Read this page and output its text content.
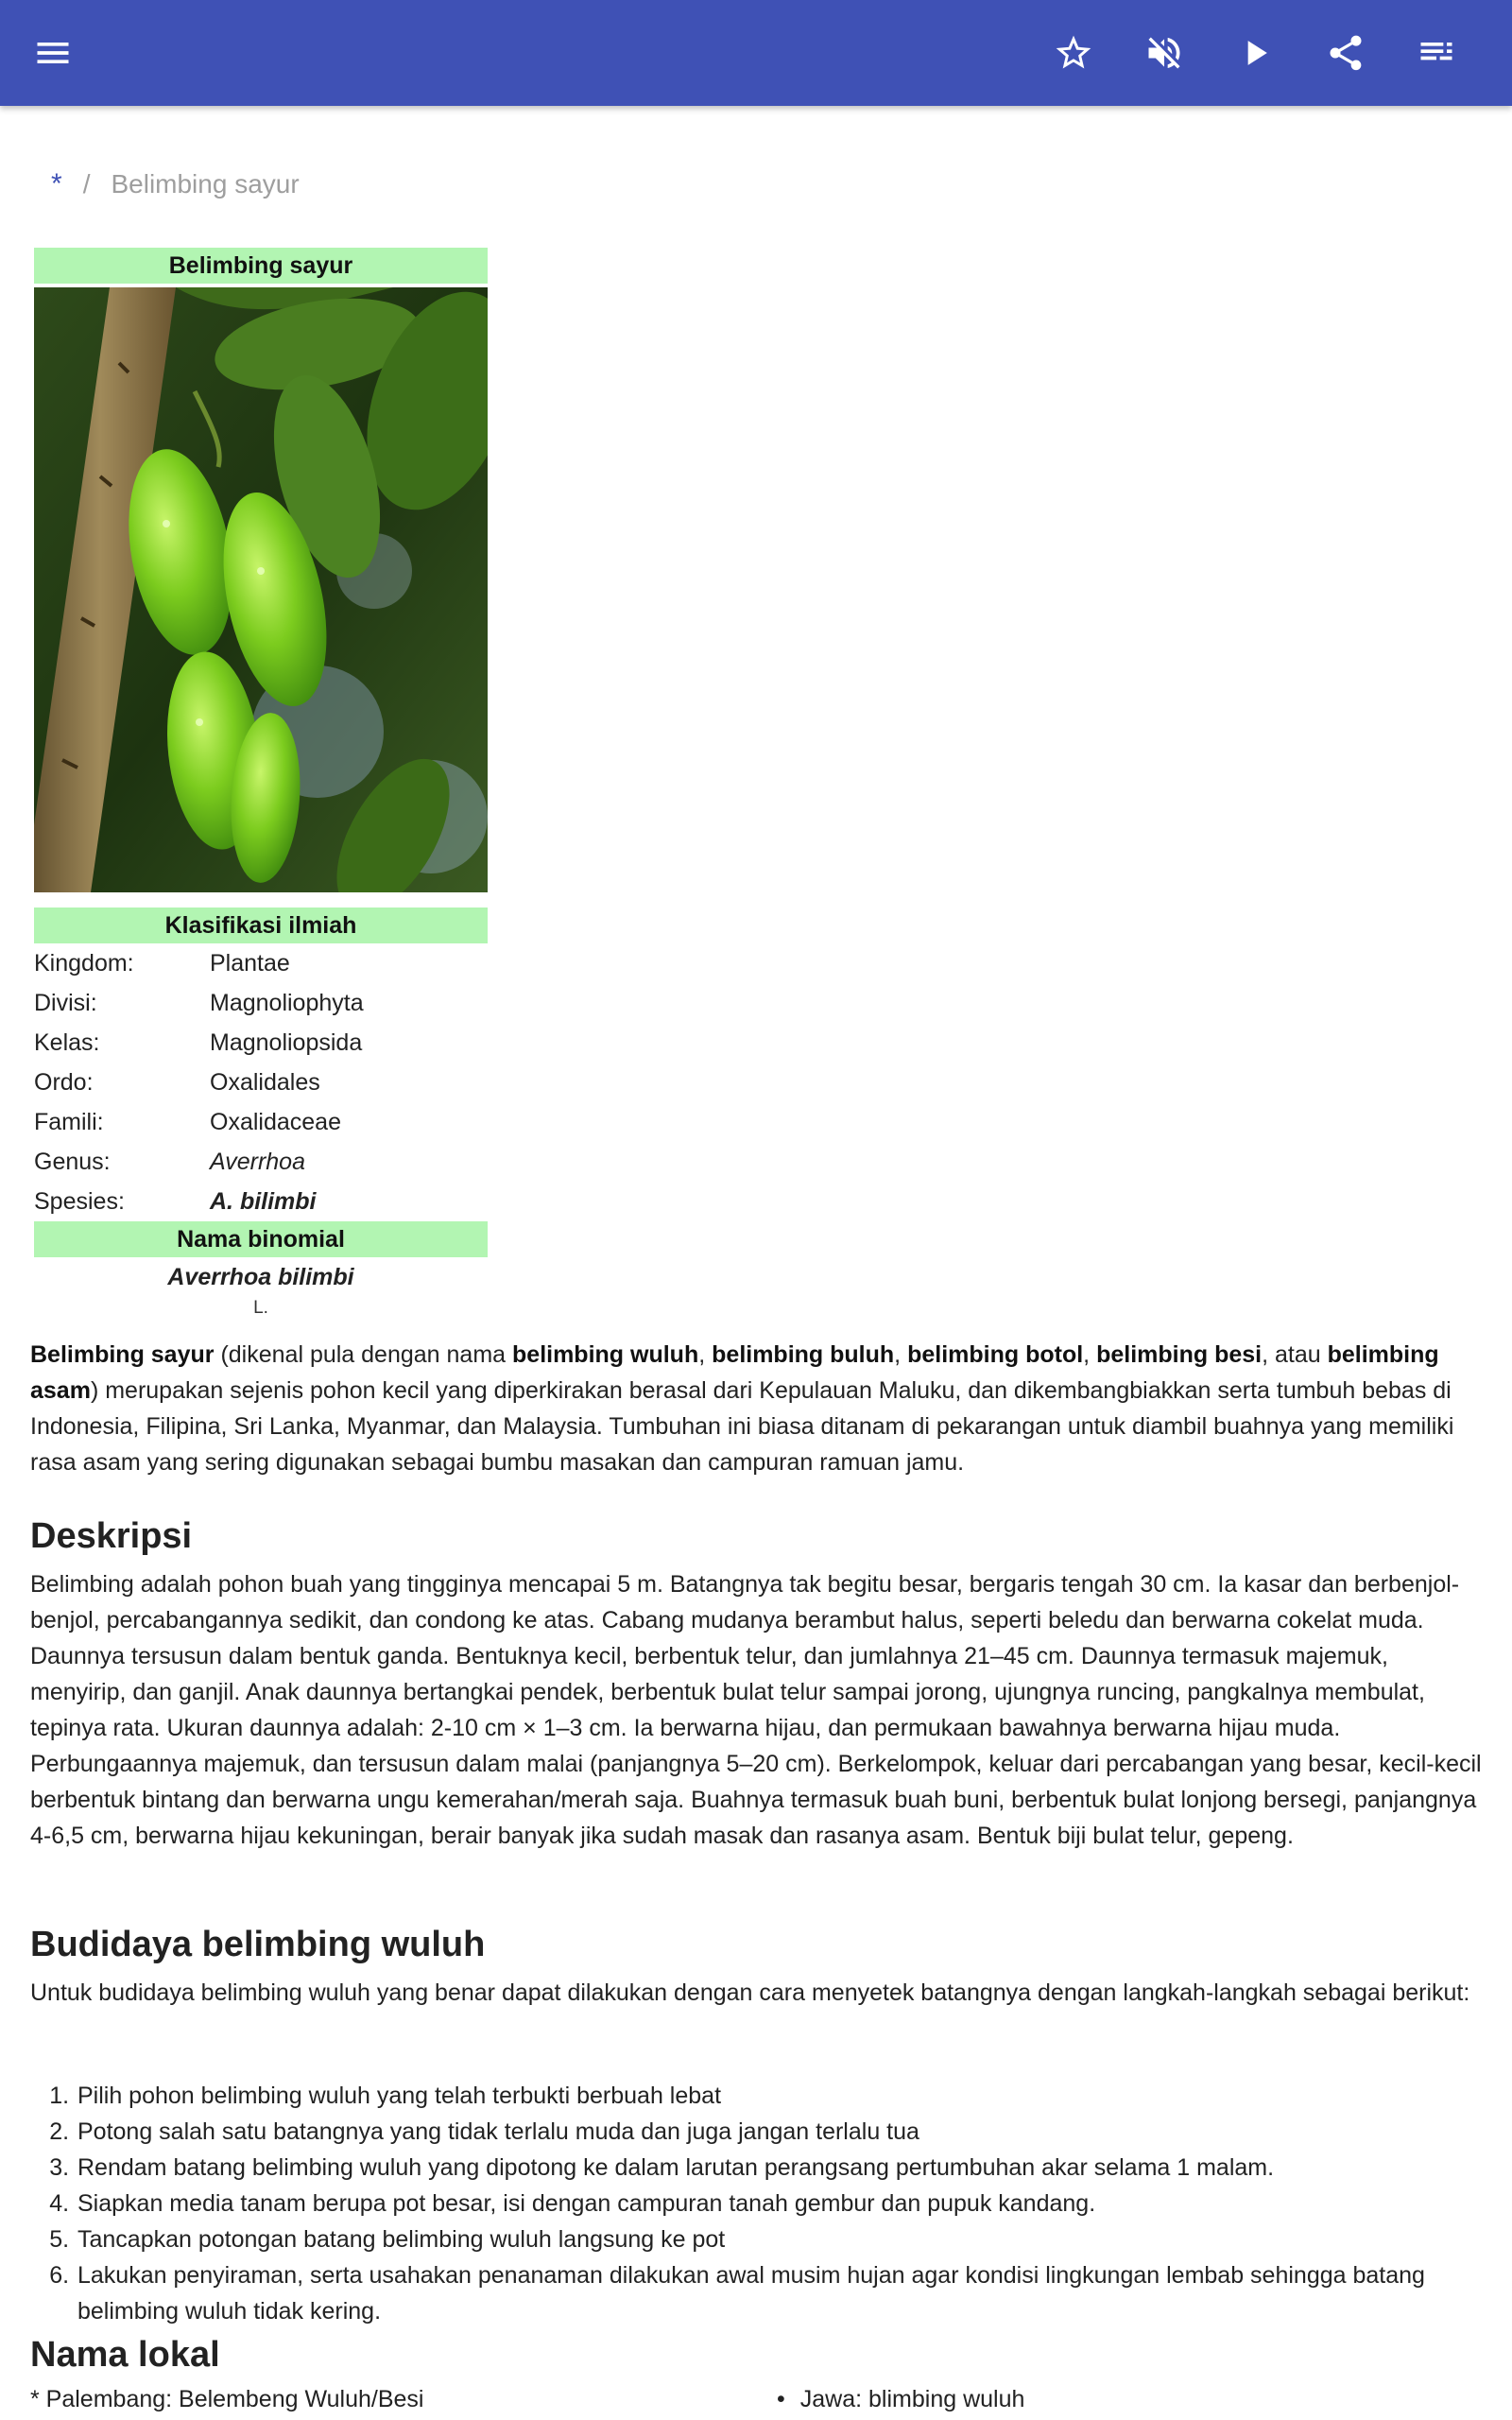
* / Belimbing sayur
Belimbing sayur
Klasifikasi ilmiah
Kingdom:	Plantae
Divisi:	Magnoliophyta
Kelas:	Magnoliopsida
Ordo:	Oxalidales
Famili:	Oxalidaceae
Genus:	Averrhoa
Spesies:	A. bilimbi
Nama binomial
Averrhoa bilimbi
L.

Belimbing sayur (dikenal pula dengan nama belimbing wuluh, belimbing buluh, belimbing botol, belimbing besi, atau belimbing asam) merupakan sejenis pohon kecil yang diperkirakan berasal dari Kepulauan Maluku, dan dikembangbiakkan serta tumbuh bebas di Indonesia, Filipina, Sri Lanka, Myanmar, dan Malaysia. Tumbuhan ini biasa ditanam di pekarangan untuk diambil buahnya yang memiliki rasa asam yang sering digunakan sebagai bumbu masakan dan campuran ramuan jamu.

Deskripsi

Belimbing adalah pohon buah yang tingginya mencapai 5 m. Batangnya tak begitu besar, bergaris tengah 30 cm. Ia kasar dan berbenjol-benjol, percabangannya sedikit, dan condong ke atas. Cabang mudanya berambut halus, seperti beledu dan berwarna cokelat muda. Daunnya tersusun dalam bentuk ganda. Bentuknya kecil, berbentuk telur, dan jumlahnya 21–45 cm. Daunnya termasuk majemuk, menyirip, dan ganjil. Anak daunnya bertangkai pendek, berbentuk bulat telur sampai jorong, ujungnya runcing, pangkalnya membulat, tepinya rata. Ukuran daunnya adalah: 2-10 cm × 1–3 cm. Ia berwarna hijau, dan permukaan bawahnya berwarna hijau muda. Perbungaannya majemuk, dan tersusun dalam malai (panjangnya 5–20 cm). Berkelompok, keluar dari percabangan yang besar, kecil-kecil berbentuk bintang dan berwarna ungu kemerahan/merah saja. Buahnya termasuk buah buni, berbentuk bulat lonjong bersegi, panjangnya 4-6,5 cm, berwarna hijau kekuningan, berair banyak jika sudah masak dan rasanya asam. Bentuk biji bulat telur, gepeng.

Budidaya belimbing wuluh

Untuk budidaya belimbing wuluh yang benar dapat dilakukan dengan cara menyetek batangnya dengan langkah-langkah sebagai berikut:

1. Pilih pohon belimbing wuluh yang telah terbukti berbuah lebat
2. Potong salah satu batangnya yang tidak terlalu muda dan juga jangan terlalu tua
3. Rendam batang belimbing wuluh yang dipotong ke dalam larutan perangsang pertumbuhan akar selama 1 malam.
4. Siapkan media tanam berupa pot besar, isi dengan campuran tanah gembur dan pupuk kandang.
5. Tancapkan potongan batang belimbing wuluh langsung ke pot
6. Lakukan penyiraman, serta usahakan penanaman dilakukan awal musim hujan agar kondisi lingkungan lembab sehingga batang belimbing wuluh tidak kering.
Nama lokal
* Palembang: Belembeng Wuluh/Besi
•	Jawa: blimbing wuluh
